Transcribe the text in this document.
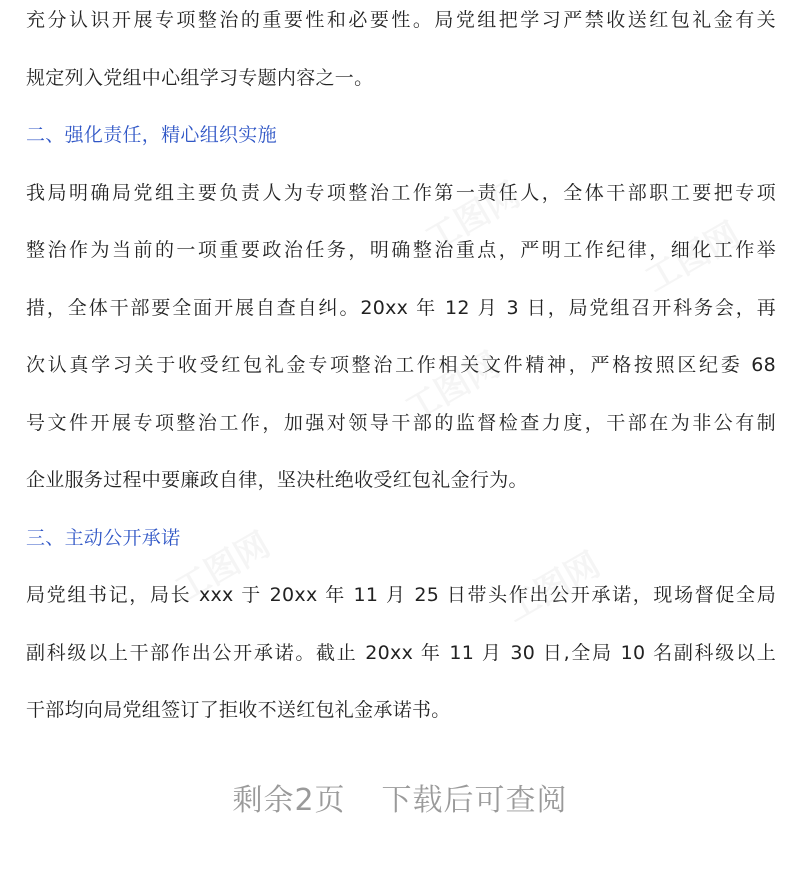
充分认识开展专项整治的重要性和必要性。局党组把学习严禁收送红包礼金有关
规定列入党组中心组学习专题内容之一。
二、强化责任，精心组织实施
我局明确局党组主要负责人为专项整治工作第一责任人，全体干部职工要把专项
整治作为当前的一项重要政治任务，明确整治重点，严明工作纪律，细化工作举
措，全体干部要全面开展自查自纠。20xx 年 12 月 3 日，局党组召开科务会，再
次认真学习关于收受红包礼金专项整治工作相关文件精神，严格按照区纪委 68
号文件开展专项整治工作，加强对领导干部的监督检查力度，干部在为非公有制
企业服务过程中要廉政自律，坚决杜绝收受红包礼金行为。
三、主动公开承诺
局党组书记，局长 xxx 于 20xx 年 11 月 25 日带头作出公开承诺，现场督促全局
副科级以上干部作出公开承诺。截止 20xx 年 11 月 30 日,全局 10 名副科级以上
干部均向局党组签订了拒收不送红包礼金承诺书。
工图网	工图网
工图网
工图网	工图网
剩余2页 下载后可查阅
